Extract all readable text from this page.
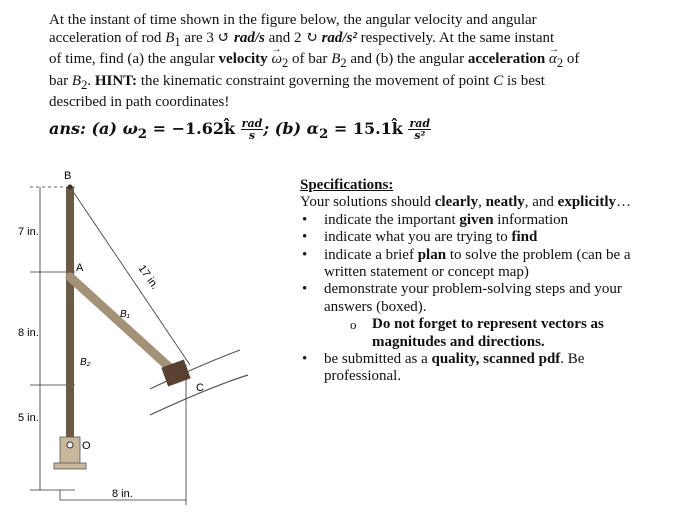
At the instant of time shown in the figure below, the angular velocity and angular
acceleration of rod $B_1$ are 3 ↺ rad/s and 2 ↻ rad/s² respectively. At the same instant
of time, find (a) the angular velocity → $\omega_2$ of bar $B_2$ and (b) the angular acceleration → $\alpha_2$ of
bar $B_2$. HINT: the kinematic constraint governing the movement of point C is best
described in path coordinates!
ans: (a) $\omega_2$ = −1.62k̂ $\frac{\text{rad}}{s}$ ; (b) $\alpha_2$ = 15.1k̂ $\frac{\text{rad}}{\text{s²}}$
7 in.
8 in.
5 in.
8 in.
17 in.
B
A
C
O
B₁
B₂
Specifications:

Your solutions should clearly, neatly, and explicitly…

• indicate the important given information
• indicate what you are trying to find
• indicate a brief plan to solve the problem (can be a written statement or concept map)
• demonstrate your problem-solving steps and your answers (boxed).
o Do not forget to represent vectors as magnitudes and directions.
• be submitted as a quality, scanned pdf. Be professional.
